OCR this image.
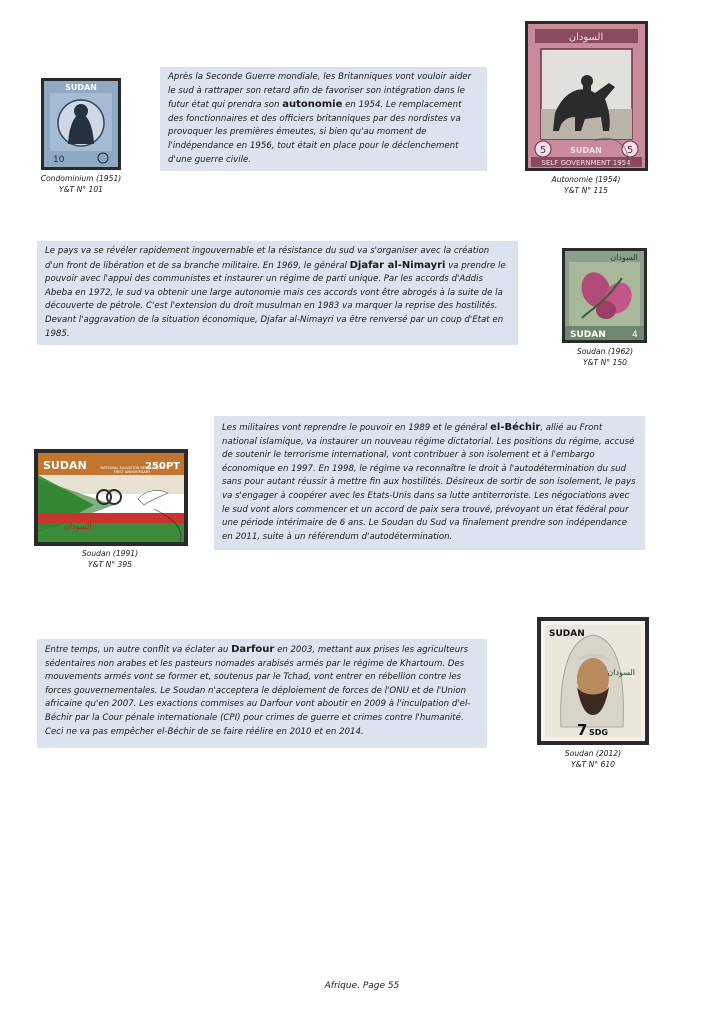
Après la Seconde Guerre mondiale, les Britanniques vont vouloir aider le sud à rattraper son retard afin de favoriser son intégration dans le futur état qui prendra son autonomie en 1954. Le remplacement des fonctionnaires et des officiers britanniques par des nordistes va provoquer les premières émeutes, si bien qu'au moment de l'indépendance en 1956, tout était en place pour le déclenchement d'une guerre civile.
SUDAN
10
Condominium (1951)
Y&T N° 101
السودان
5	5
SUDAN
SELF GOVERNMENT 1954
Autonomie (1954)
Y&T N° 115
Le pays va se révéler rapidement ingouvernable et la résistance du sud va s'organiser avec la création d'un front de libération et de sa branche militaire. En 1969, le général Djafar al-Nimayri va prendre le pouvoir avec l'appui des communistes et instaurer un régime de parti unique. Par les accords d'Addis Abeba en 1972, le sud va obtenir une large autonomie mais ces accords vont être abrogés à la suite de la découverte de pétrole. C'est l'extension du droit musulman en 1983 va marquer la reprise des hostilités. Devant l'aggravation de la situation économique, Djafar al-Nimayri va être renversé par un coup d'Etat en 1985.
السودان
SUDAN	4
Soudan (1962)
Y&T N° 150
Les militaires vont reprendre le pouvoir en 1989 et le général el-Béchir, allié au Front national islamique, va instaurer un nouveau régime dictatorial. Les positions du régime, accusé de soutenir le terrorisme international, vont contribuer à son isolement et à l'embargo économique en 1997. En 1998, le régime va reconnaître le droit à l'autodétermination du sud sans pour autant réussir à mettre fin aux hostilités. Désireux de sortir de son isolement, le pays va s'engager à coopérer avec les Etats-Unis dans sa lutte antiterroriste. Les négociations avec le sud vont alors commencer et un accord de paix sera trouvé, prévoyant un état fédéral pour une période intérimaire de 6 ans. Le Soudan du Sud va finalement prendre son indépendance en 2011, suite à un référendum d'autodétermination.
SUDAN	NATIONAL SALVATION REVOLUTION
FIRST ANNIVERSARY
250PT
السودان
Soudan (1991)
Y&T N° 395
Entre temps, un autre conflit va éclater au Darfour en 2003, mettant aux prises les agriculteurs sédentaires non arabes et les pasteurs nomades arabisés armés par le régime de Khartoum. Des mouvements armés vont se former et, soutenus par le Tchad, vont entrer en rébellion contre les forces gouvernementales. Le Soudan n'acceptera le déploiement de forces de l'ONU et de l'Union africaine qu'en 2007. Les exactions commises au Darfour vont aboutir en 2009 à l'inculpation d'el-Béchir par la Cour pénale internationale (CPI) pour crimes de guerre et crimes contre l'humanité. Ceci ne va pas empêcher el-Béchir de se faire réélire en 2010 et en 2014.
SUDAN
السودان
7 SDG
Soudan (2012)
Y&T N° 610
Afrique. Page 55
